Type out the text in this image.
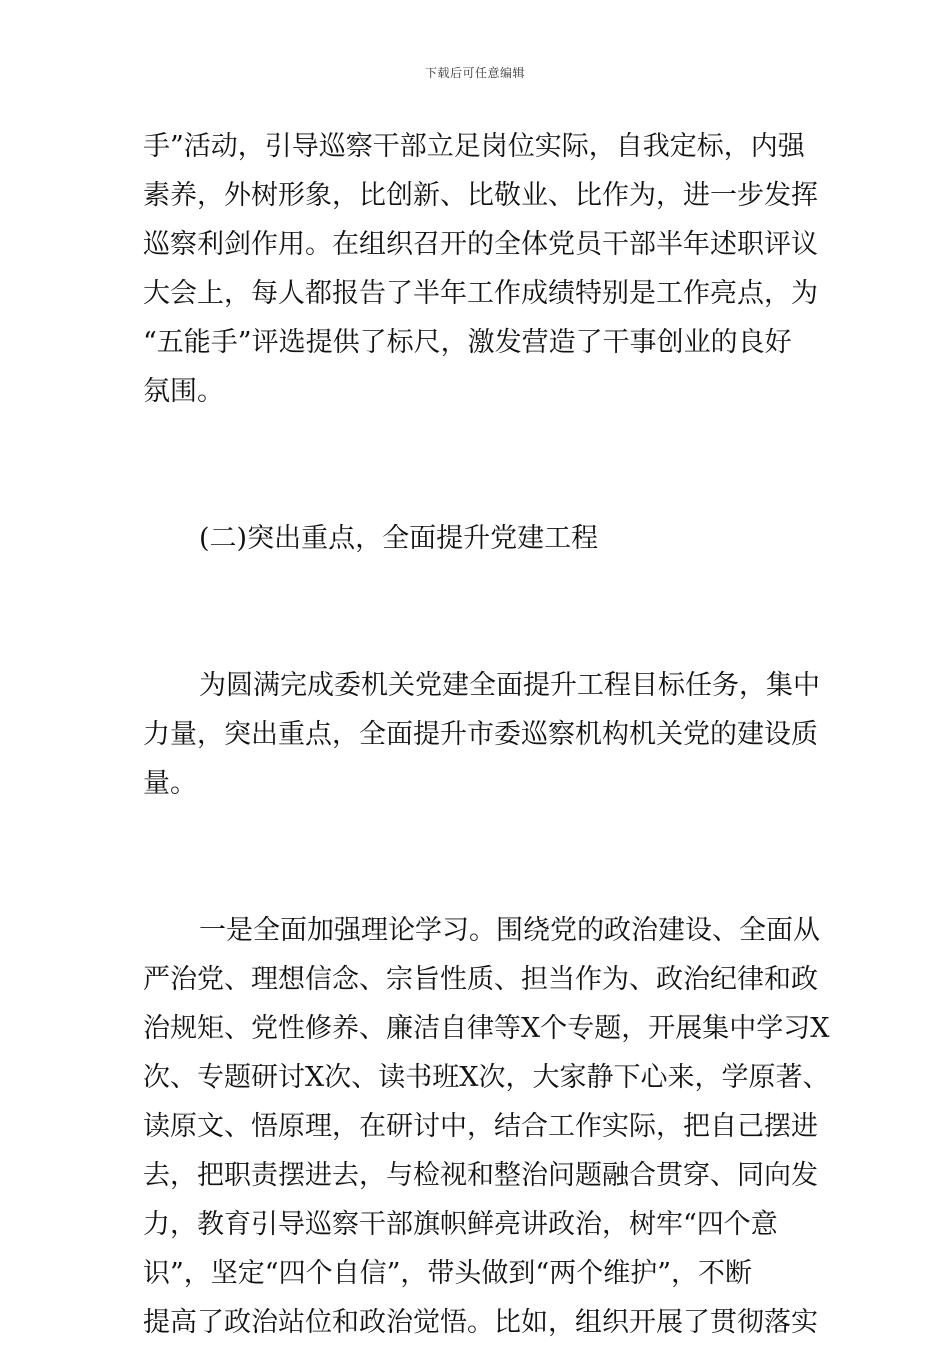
下载后可任意编辑
手”活动，引导巡察干部立足岗位实际，自我定标，内强
素养，外树形象，比创新、比敬业、比作为，进一步发挥
巡察利剑作用。在组织召开的全体党员干部半年述职评议
大会上，每人都报告了半年工作成绩特别是工作亮点，为
“五能手”评选提供了标尺，激发营造了干事创业的良好
氛围。
(二)突出重点，全面提升党建工程
为圆满完成委机关党建全面提升工程目标任务，集中
力量，突出重点，全面提升市委巡察机构机关党的建设质
量。
一是全面加强理论学习。围绕党的政治建设、全面从
严治党、理想信念、宗旨性质、担当作为、政治纪律和政
治规矩、党性修养、廉洁自律等X个专题，开展集中学习X
次、专题研讨X次、读书班X次，大家静下心来，学原著、
读原文、悟原理，在研讨中，结合工作实际，把自己摆进
去，把职责摆进去，与检视和整治问题融合贯穿、同向发
力，教育引导巡察干部旗帜鲜亮讲政治，树牢“四个意
识”，坚定“四个自信”，带头做到“两个维护”，不断
提高了政治站位和政治觉悟。比如，组织开展了贯彻落实
